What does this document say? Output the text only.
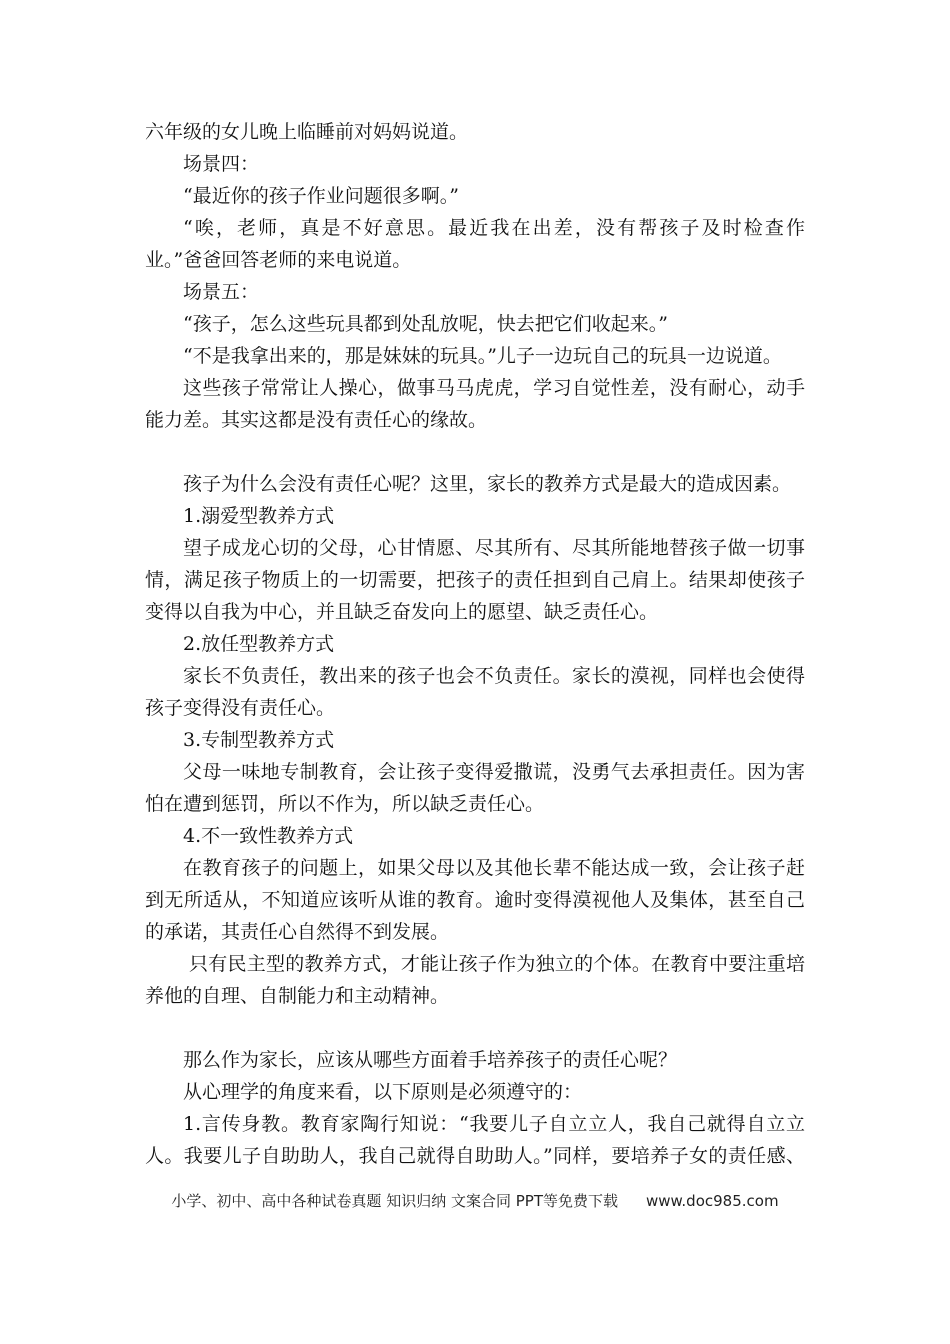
六年级的女儿晚上临睡前对妈妈说道。
场景四：
“最近你的孩子作业问题很多啊。”
“唉，老师，真是不好意思。最近我在出差，没有帮孩子及时检查作
业。”爸爸回答老师的来电说道。
场景五：
“孩子，怎么这些玩具都到处乱放呢，快去把它们收起来。”
“不是我拿出来的，那是妹妹的玩具。”儿子一边玩自己的玩具一边说道。
这些孩子常常让人操心，做事马马虎虎，学习自觉性差，没有耐心，动手
能力差。其实这都是没有责任心的缘故。
孩子为什么会没有责任心呢？这里，家长的教养方式是最大的造成因素。
1.溺爱型教养方式
望子成龙心切的父母，心甘情愿、尽其所有、尽其所能地替孩子做一切事
情，满足孩子物质上的一切需要，把孩子的责任担到自己肩上。结果却使孩子
变得以自我为中心，并且缺乏奋发向上的愿望、缺乏责任心。
2.放任型教养方式
家长不负责任，教出来的孩子也会不负责任。家长的漠视，同样也会使得
孩子变得没有责任心。
3.专制型教养方式
父母一味地专制教育，会让孩子变得爱撒谎，没勇气去承担责任。因为害
怕在遭到惩罚，所以不作为，所以缺乏责任心。
4.不一致性教养方式
在教育孩子的问题上，如果父母以及其他长辈不能达成一致，会让孩子赶
到无所适从，不知道应该听从谁的教育。逾时变得漠视他人及集体，甚至自己
的承诺，其责任心自然得不到发展。
只有民主型的教养方式，才能让孩子作为独立的个体。在教育中要注重培
养他的自理、自制能力和主动精神。
那么作为家长，应该从哪些方面着手培养孩子的责任心呢？
从心理学的角度来看，以下原则是必须遵守的：
1.言传身教。教育家陶行知说：“我要儿子自立立人，我自己就得自立立
人。我要儿子自助助人，我自己就得自助助人。”同样，要培养子女的责任感、
小学、初中、高中各种试卷真题 知识归纳 文案合同 PPT等免费下载 www.doc985.com
